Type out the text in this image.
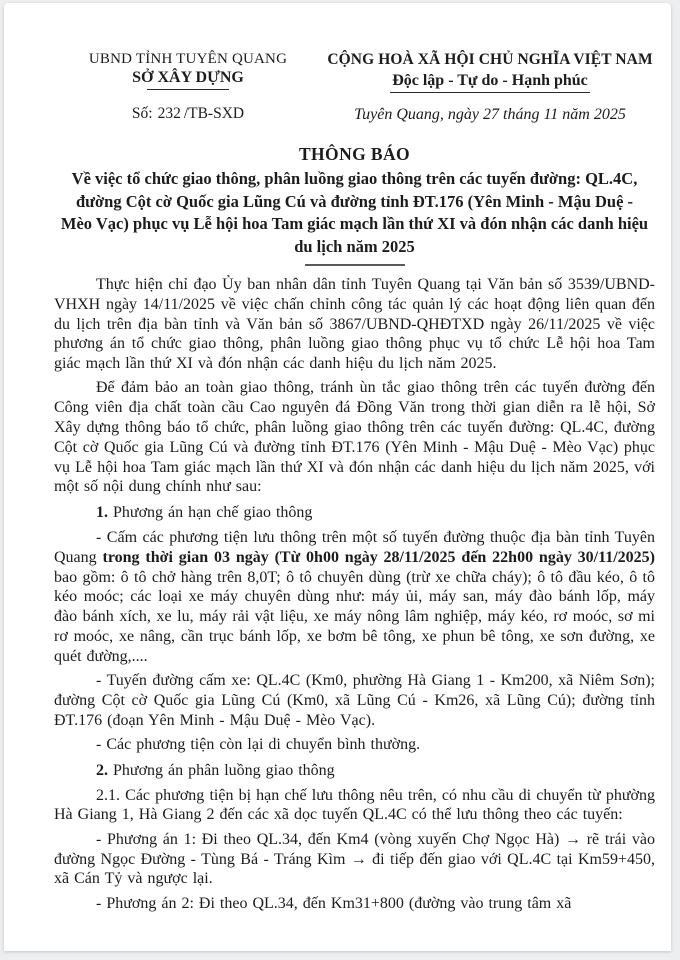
UBND TỈNH TUYÊN QUANG
SỞ XÂY DỰNG
Số: 232 /TB-SXD
CỘNG HOÀ XÃ HỘI CHỦ NGHĨA VIỆT NAM
Độc lập - Tự do - Hạnh phúc
Tuyên Quang, ngày 27 tháng 11 năm 2025
THÔNG BÁO
Về việc tổ chức giao thông, phân luồng giao thông trên các tuyến đường: QL.4C, đường Cột cờ Quốc gia Lũng Cú và đường tỉnh ĐT.176 (Yên Minh - Mậu Duệ - Mèo Vạc) phục vụ Lễ hội hoa Tam giác mạch lần thứ XI và đón nhận các danh hiệu du lịch năm 2025

Thực hiện chỉ đạo Ủy ban nhân dân tỉnh Tuyên Quang tại Văn bản số 3539/UBND-VHXH ngày 14/11/2025 về việc chấn chỉnh công tác quản lý các hoạt động liên quan đến du lịch trên địa bàn tỉnh và Văn bản số 3867/UBND-QHĐTXD ngày 26/11/2025 về việc phương án tổ chức giao thông, phân luồng giao thông phục vụ tổ chức Lễ hội hoa Tam giác mạch lần thứ XI và đón nhận các danh hiệu du lịch năm 2025.

Để đảm bảo an toàn giao thông, tránh ùn tắc giao thông trên các tuyến đường đến Công viên địa chất toàn cầu Cao nguyên đá Đồng Văn trong thời gian diễn ra lễ hội, Sở Xây dựng thông báo tổ chức, phân luồng giao thông trên các tuyến đường: QL.4C, đường Cột cờ Quốc gia Lũng Cú và đường tỉnh ĐT.176 (Yên Minh - Mậu Duệ - Mèo Vạc) phục vụ Lễ hội hoa Tam giác mạch lần thứ XI và đón nhận các danh hiệu du lịch năm 2025, với một số nội dung chính như sau:

1. Phương án hạn chế giao thông

- Cấm các phương tiện lưu thông trên một số tuyến đường thuộc địa bàn tỉnh Tuyên Quang trong thời gian 03 ngày (Từ 0h00 ngày 28/11/2025 đến 22h00 ngày 30/11/2025) bao gồm: ô tô chở hàng trên 8,0T; ô tô chuyên dùng (trừ xe chữa cháy); ô tô đầu kéo, ô tô kéo moóc; các loại xe máy chuyên dùng như: máy ủi, máy san, máy đào bánh lốp, máy đào bánh xích, xe lu, máy rải vật liệu, xe máy nông lâm nghiệp, máy kéo, rơ moóc, sơ mi rơ moóc, xe nâng, cần trục bánh lốp, xe bơm bê tông, xe phun bê tông, xe sơn đường, xe quét đường,....

- Tuyến đường cấm xe: QL.4C (Km0, phường Hà Giang 1 - Km200, xã Niêm Sơn); đường Cột cờ Quốc gia Lũng Cú (Km0, xã Lũng Cú - Km26, xã Lũng Cú); đường tỉnh ĐT.176 (đoạn Yên Minh - Mậu Duệ - Mèo Vạc).

- Các phương tiện còn lại di chuyển bình thường.

2. Phương án phân luồng giao thông

2.1. Các phương tiện bị hạn chế lưu thông nêu trên, có nhu cầu di chuyển từ phường Hà Giang 1, Hà Giang 2 đến các xã dọc tuyến QL.4C có thể lưu thông theo các tuyến:

- Phương án 1: Đi theo QL.34, đến Km4 (vòng xuyến Chợ Ngọc Hà) → rẽ trái vào đường Ngọc Đường - Tùng Bá - Tráng Kìm → đi tiếp đến giao với QL.4C tại Km59+450, xã Cán Tỷ và ngược lại.

- Phương án 2: Đi theo QL.34, đến Km31+800 (đường vào trung tâm xã
